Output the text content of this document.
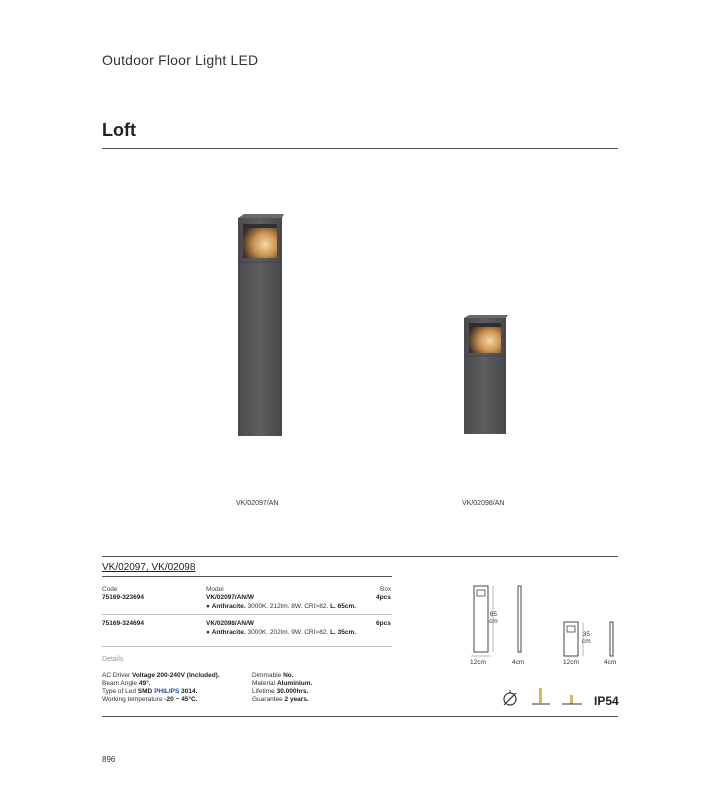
Outdoor Floor Light LED
Loft
VK/02097/AN	VK/02098/AN
VK/02097, VK/02098
Code	Model	Box
75169-323694	VK/02097/AN/W	4pcs
● Anthracite. 3000K. 212lm. 8W. CRI>82. L. 65cm.
75169-324694	VK/02098/AN/W	6pcs
● Anthracite. 3000K. 202lm. 9W. CRI>82. L. 35cm.
Details
AC Driver Voltage 200-240V (Included).
Beam Angle 49°.
Type of Led SMD PHILIPS 3014.
Working temperature -20 ~ 45°C.
Dimmable No.
Material Aluminium.
Lifetime 30.000hrs.
Guarantee 2 years.
65
cm
12cm	4cm
35
cm
12cm	4cm
IP54
896
